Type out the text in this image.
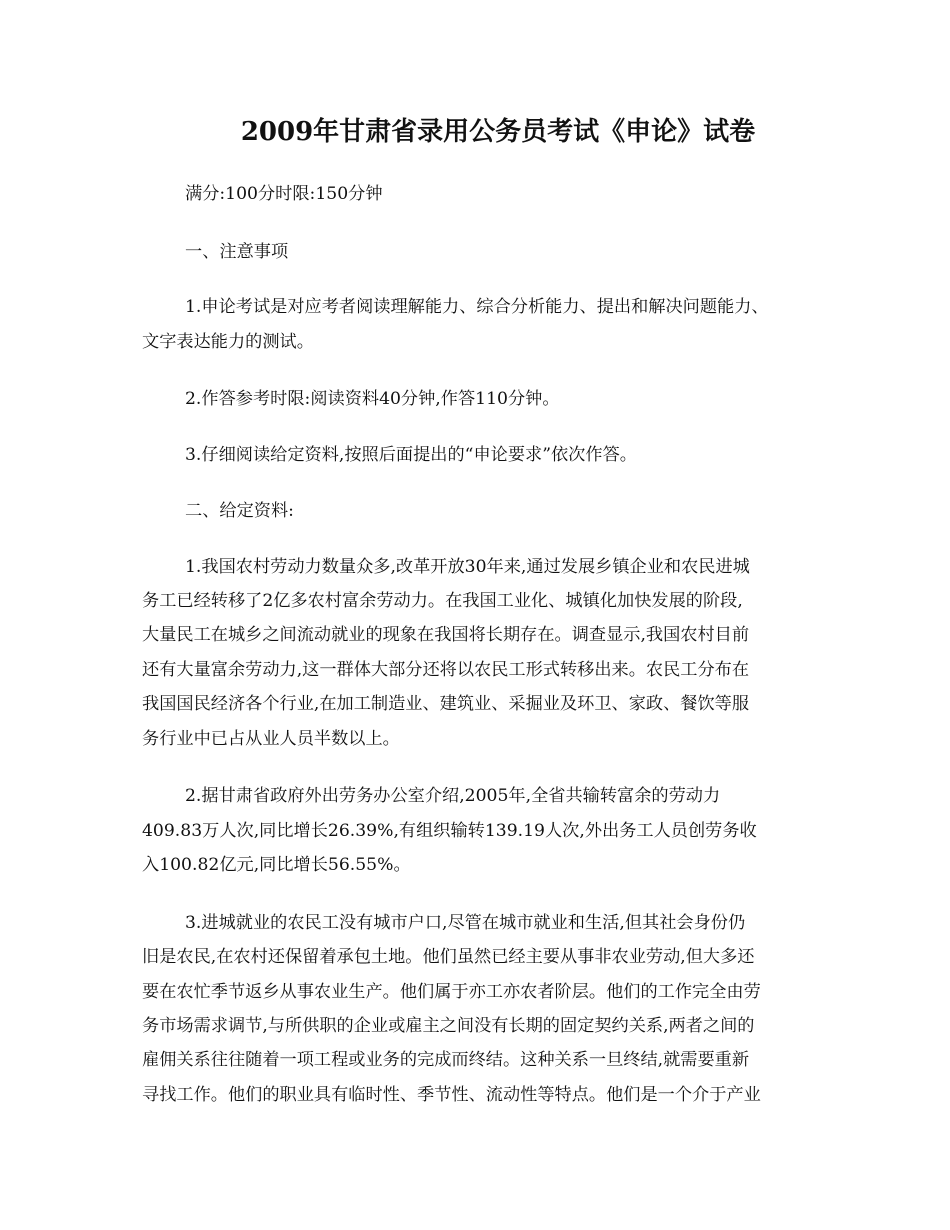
2009年甘肃省录用公务员考试《申论》试卷

满分:100分时限:150分钟

一、注意事项

1.申论考试是对应考者阅读理解能力、综合分析能力、提出和解决问题能力、

文字表达能力的测试。

2.作答参考时限:阅读资料40分钟,作答110分钟。

3.仔细阅读给定资料,按照后面提出的“申论要求”依次作答。

二、给定资料:

1.我国农村劳动力数量众多,改革开放30年来,通过发展乡镇企业和农民进城

务工已经转移了2亿多农村富余劳动力。在我国工业化、城镇化加快发展的阶段,

大量民工在城乡之间流动就业的现象在我国将长期存在。调查显示,我国农村目前

还有大量富余劳动力,这一群体大部分还将以农民工形式转移出来。农民工分布在

我国国民经济各个行业,在加工制造业、建筑业、采掘业及环卫、家政、餐饮等服

务行业中已占从业人员半数以上。

2.据甘肃省政府外出劳务办公室介绍,2005年,全省共输转富余的劳动力

409.83万人次,同比增长26.39%,有组织输转139.19人次,外出务工人员创劳务收

入100.82亿元,同比增长56.55%。

3.进城就业的农民工没有城市户口,尽管在城市就业和生活,但其社会身份仍

旧是农民,在农村还保留着承包土地。他们虽然已经主要从事非农业劳动,但大多还

要在农忙季节返乡从事农业生产。他们属于亦工亦农者阶层。他们的工作完全由劳

务市场需求调节,与所供职的企业或雇主之间没有长期的固定契约关系,两者之间的

雇佣关系往往随着一项工程或业务的完成而终结。这种关系一旦终结,就需要重新

寻找工作。他们的职业具有临时性、季节性、流动性等特点。他们是一个介于产业
